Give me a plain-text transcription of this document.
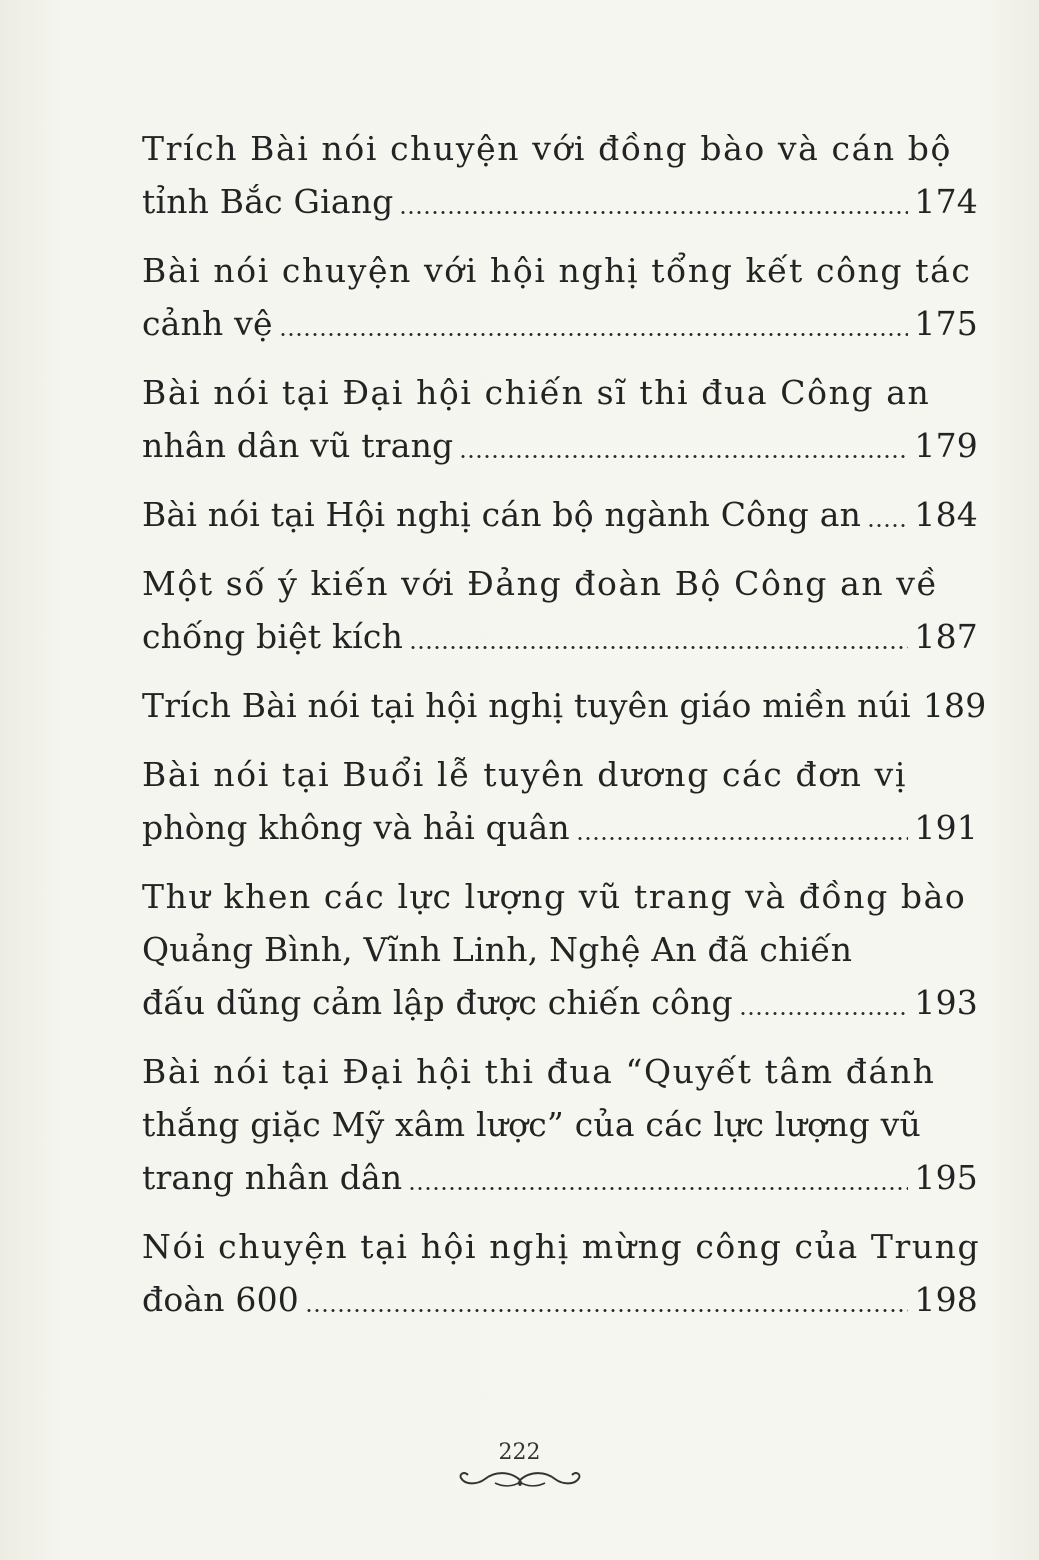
Trích Bài nói chuyện với đồng bào và cán bộ
tỉnh Bắc Giang	174
Bài nói chuyện với hội nghị tổng kết công tác
cảnh vệ	175
Bài nói tại Đại hội chiến sĩ thi đua Công an
nhân dân vũ trang	179
Bài nói tại Hội nghị cán bộ ngành Công an 184
Một số ý kiến với Đảng đoàn Bộ Công an về
chống biệt kích	187
Trích Bài nói tại hội nghị tuyên giáo miền núi 189
Bài nói tại Buổi lễ tuyên dương các đơn vị
phòng không và hải quân	191
Thư khen các lực lượng vũ trang và đồng bào
Quảng Bình, Vĩnh Linh, Nghệ An đã chiến
đấu dũng cảm lập được chiến công	193
Bài nói tại Đại hội thi đua “Quyết tâm đánh
thắng giặc Mỹ xâm lược” của các lực lượng vũ
trang nhân dân	195
Nói chuyện tại hội nghị mừng công của Trung
đoàn 600	198
222
